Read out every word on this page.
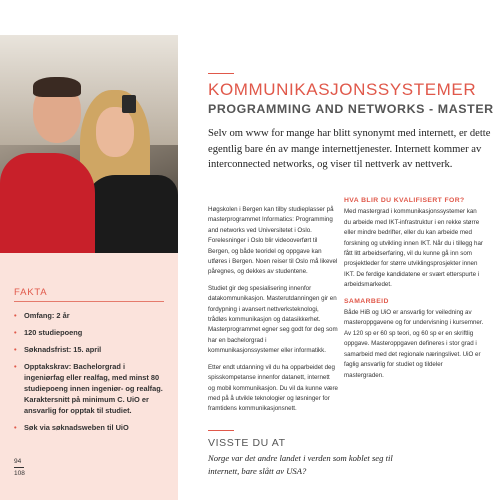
FAKTA
• Omfang: 2 år
• 120 studiepoeng
• Søknadsfrist: 15. april
• Opptakskrav: Bachelorgrad i ingeniørfag eller realfag, med minst 80 studiepoeng innen ingeniør- og realfag. Karaktersnitt på minimum C. UiO er ansvarlig for opptak til studiet.
• Søk via søknadsweben til UiO
94
108
KOMMUNIKASJONSSYSTEMER
PROGRAMMING AND NETWORKS - MASTER

Selv om www for mange har blitt synonymt med internett, er dette egentlig bare én av mange internettjenester. Internett kommer av interconnected networks, og viser til nettverk av nettverk.

Høgskolen i Bergen kan tilby studieplasser på masterprogrammet Informatics: Programming and networks ved Universitetet i Oslo. Forelesninger i Oslo blir videooverført til Bergen, og både teoridel og oppgave kan utføres i Bergen. Noen reiser til Oslo må likevel påregnes, og dekkes av studentene.

Studiet gir deg spesialisering innenfor datakommunikasjon. Masterutdanningen gir en fordypning i avansert nettverksteknologi, trådløs kommunikasjon og datasikkerhet. Masterprogrammet egner seg godt for deg som har en bachelorgrad i kommunikasjonssystemer eller informatikk.

Etter endt utdanning vil du ha opparbeidet deg spisskompetanse innenfor datanett, internett og mobil kommunikasjon. Du vil da kunne være med på å utvikle teknologier og løsninger for framtidens kommunikasjonsnett.

HVA BLIR DU KVALIFISERT FOR?

Med mastergrad i kommunikasjonssystemer kan du arbeide med IKT-infrastruktur i en rekke større eller mindre bedrifter, eller du kan arbeide med forskning og utvikling innen IKT. Når du i tillegg har fått litt arbeidserfaring, vil du kunne gå inn som prosjektleder for større utviklingsprosjekter innen IKT. De ferdige kandidatene er svært etterspurte i arbeidsmarkedet.

SAMARBEID

Både HiB og UiO er ansvarlig for veiledning av masteroppgavene og for undervisning i kursemner. Av 120 sp er 60 sp teori, og 60 sp er en skriftlig oppgave. Masteroppgaven defineres i stor grad i samarbeid med det regionale næringslivet. UiO er faglig ansvarlig for studiet og tildeler mastergraden.

VISSTE DU AT
Norge var det andre landet i verden som koblet seg til internett, bare slått av USA?
